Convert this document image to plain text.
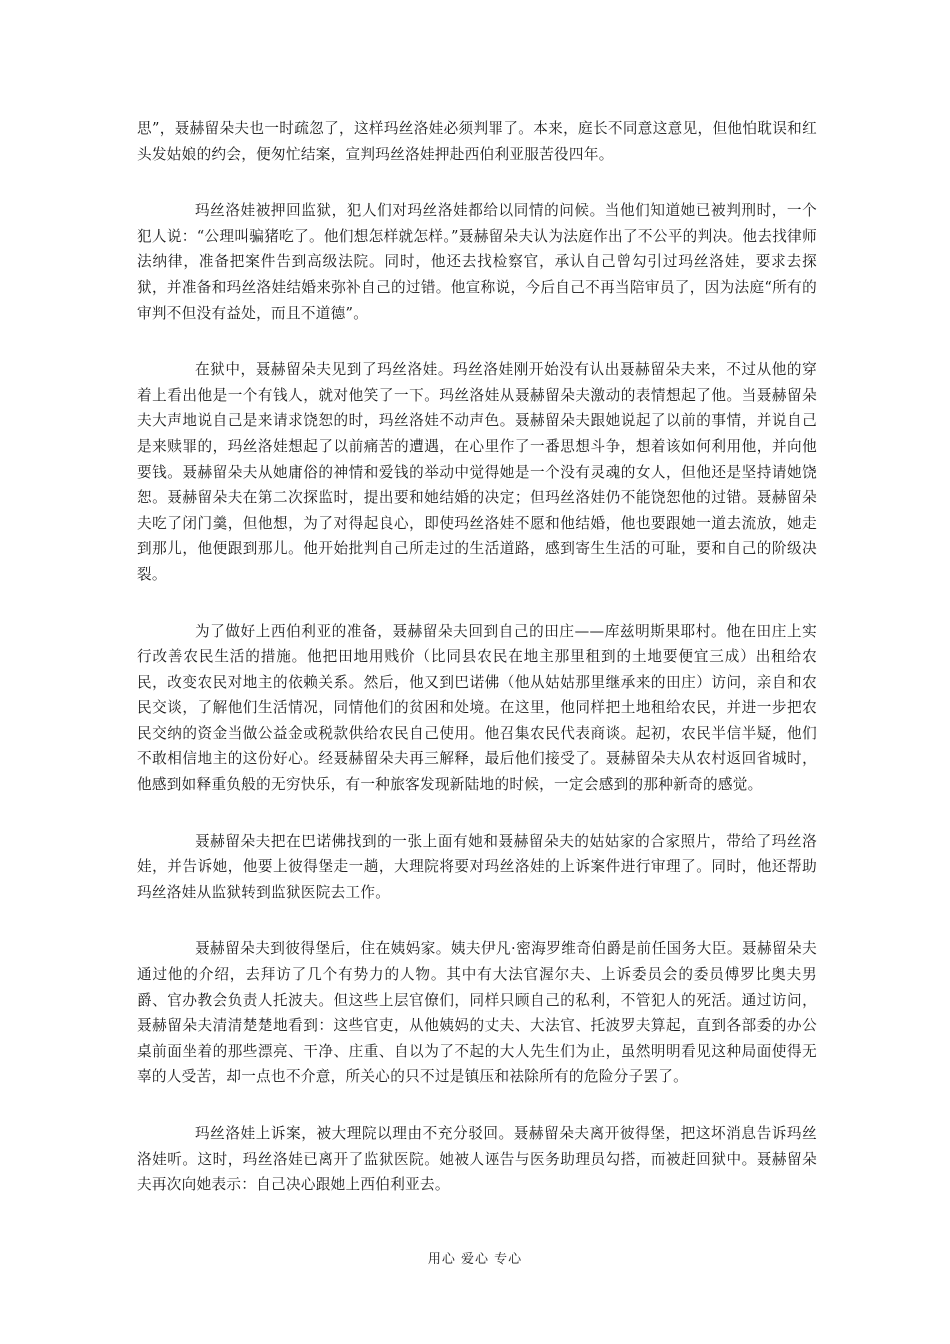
思”，聂赫留朵夫也一时疏忽了，这样玛丝洛娃必须判罪了。本来，庭长不同意这意见，但他怕耽误和红头发姑娘的约会，便匆忙结案，宣判玛丝洛娃押赴西伯利亚服苦役四年。

玛丝洛娃被押回监狱，犯人们对玛丝洛娃都给以同情的问候。当他们知道她已被判刑时，一个犯人说：“公理叫骗猪吃了。他们想怎样就怎样。”聂赫留朵夫认为法庭作出了不公平的判决。他去找律师法纳律，准备把案件告到高级法院。同时，他还去找检察官，承认自己曾勾引过玛丝洛娃，要求去探狱，并准备和玛丝洛娃结婚来弥补自己的过错。他宣称说，今后自己不再当陪审员了，因为法庭“所有的审判不但没有益处，而且不道德”。

在狱中，聂赫留朵夫见到了玛丝洛娃。玛丝洛娃刚开始没有认出聂赫留朵夫来，不过从他的穿着上看出他是一个有钱人，就对他笑了一下。玛丝洛娃从聂赫留朵夫激动的表情想起了他。当聂赫留朵夫大声地说自己是来请求饶恕的时，玛丝洛娃不动声色。聂赫留朵夫跟她说起了以前的事情，并说自己是来赎罪的，玛丝洛娃想起了以前痛苦的遭遇，在心里作了一番思想斗争，想着该如何利用他，并向他要钱。聂赫留朵夫从她庸俗的神情和爱钱的举动中觉得她是一个没有灵魂的女人，但他还是坚持请她饶恕。聂赫留朵夫在第二次探监时，提出要和她结婚的决定；但玛丝洛娃仍不能饶恕他的过错。聂赫留朵夫吃了闭门羹，但他想，为了对得起良心，即使玛丝洛娃不愿和他结婚，他也要跟她一道去流放，她走到那儿，他便跟到那儿。他开始批判自己所走过的生活道路，感到寄生生活的可耻，要和自己的阶级决裂。

为了做好上西伯利亚的准备，聂赫留朵夫回到自己的田庄——库兹明斯果耶村。他在田庄上实行改善农民生活的措施。他把田地用贱价（比同县农民在地主那里租到的土地要便宜三成）出租给农民，改变农民对地主的依赖关系。然后，他又到巴诺佛（他从姑姑那里继承来的田庄）访问，亲自和农民交谈，了解他们生活情况，同情他们的贫困和处境。在这里，他同样把土地租给农民，并进一步把农民交纳的资金当做公益金或税款供给农民自己使用。他召集农民代表商谈。起初，农民半信半疑，他们不敢相信地主的这份好心。经聂赫留朵夫再三解释，最后他们接受了。聂赫留朵夫从农村返回省城时，他感到如释重负般的无穷快乐，有一种旅客发现新陆地的时候，一定会感到的那种新奇的感觉。

聂赫留朵夫把在巴诺佛找到的一张上面有她和聂赫留朵夫的姑姑家的合家照片，带给了玛丝洛娃，并告诉她，他要上彼得堡走一趟，大理院将要对玛丝洛娃的上诉案件进行审理了。同时，他还帮助玛丝洛娃从监狱转到监狱医院去工作。

聂赫留朵夫到彼得堡后，住在姨妈家。姨夫伊凡·密海罗维奇伯爵是前任国务大臣。聂赫留朵夫通过他的介绍，去拜访了几个有势力的人物。其中有大法官渥尔夫、上诉委员会的委员傅罗比奥夫男爵、官办教会负责人托波夫。但这些上层官僚们，同样只顾自己的私利，不管犯人的死活。通过访问，聂赫留朵夫清清楚楚地看到：这些官吏，从他姨妈的丈夫、大法官、托波罗夫算起，直到各部委的办公桌前面坐着的那些漂亮、干净、庄重、自以为了不起的大人先生们为止，虽然明明看见这种局面使得无辜的人受苦，却一点也不介意，所关心的只不过是镇压和祛除所有的危险分子罢了。

玛丝洛娃上诉案，被大理院以理由不充分驳回。聂赫留朵夫离开彼得堡，把这坏消息告诉玛丝洛娃听。这时，玛丝洛娃已离开了监狱医院。她被人诬告与医务助理员勾搭，而被赶回狱中。聂赫留朵夫再次向她表示：自己决心跟她上西伯利亚去。

用心 爱心 专心
